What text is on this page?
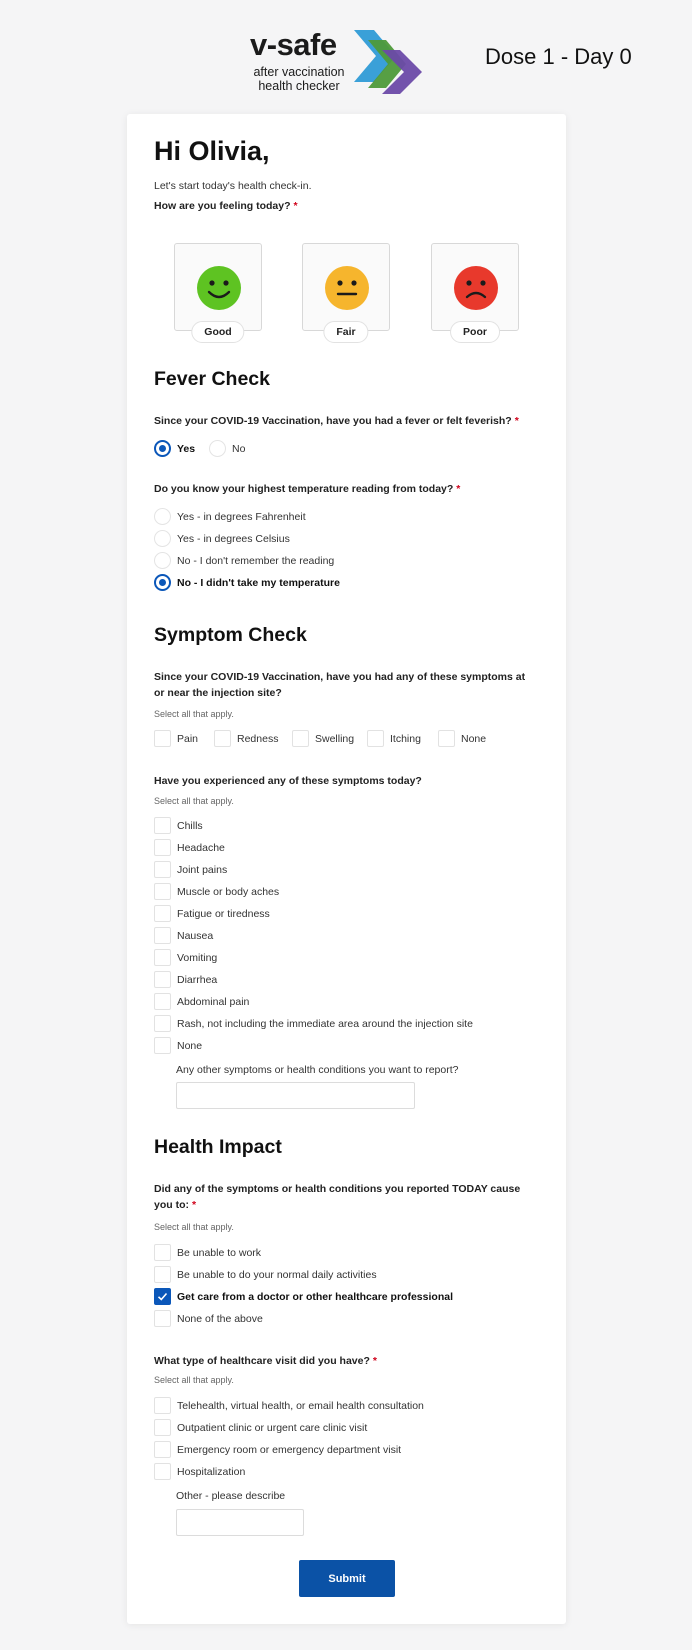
v-safe
after vaccination
health checker
Dose 1 - Day 0
Hi Olivia,
Let's start today's health check-in.
How are you feeling today? *
Good	Fair	Poor
Fever Check
Since your COVID-19 Vaccination, have you had a fever or felt feverish? *
Yes	No
Do you know your highest temperature reading from today? *
Yes - in degrees Fahrenheit
Yes - in degrees Celsius
No - I don't remember the reading
No - I didn't take my temperature
Symptom Check
Since your COVID-19 Vaccination, have you had any of these symptoms at
or near the injection site?
Select all that apply.
Pain	Redness	Swelling	Itching	None
Have you experienced any of these symptoms today?
Select all that apply.
Chills
Headache
Joint pains
Muscle or body aches
Fatigue or tiredness
Nausea
Vomiting
Diarrhea
Abdominal pain
Rash, not including the immediate area around the injection site
None
Any other symptoms or health conditions you want to report?
Health Impact
Did any of the symptoms or health conditions you reported TODAY cause
you to: *
Select all that apply.
Be unable to work
Be unable to do your normal daily activities
Get care from a doctor or other healthcare professional
None of the above
What type of healthcare visit did you have? *
Select all that apply.
Telehealth, virtual health, or email health consultation
Outpatient clinic or urgent care clinic visit
Emergency room or emergency department visit
Hospitalization
Other - please describe
Submit
